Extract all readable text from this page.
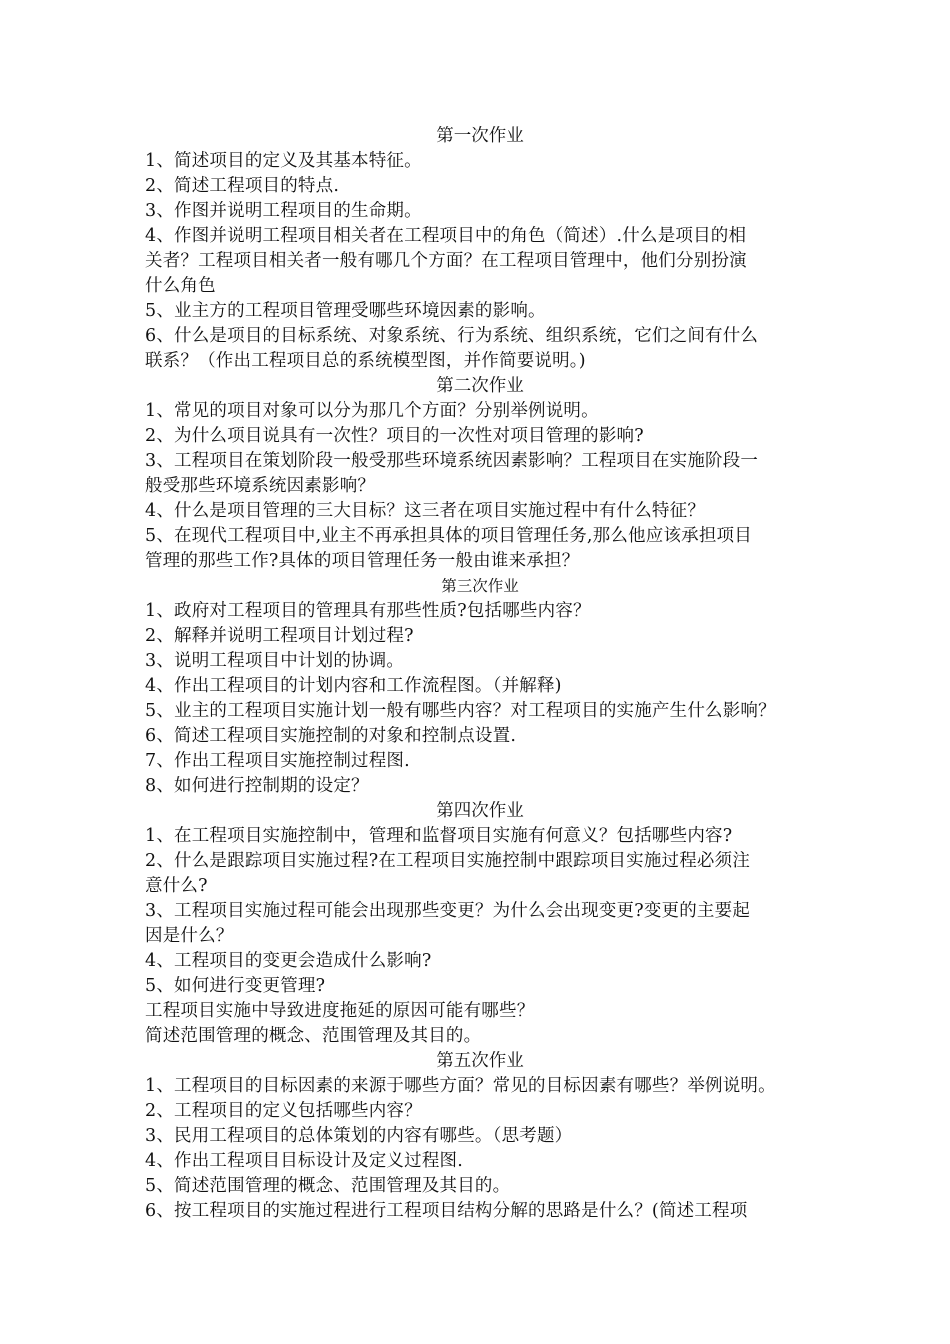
第一次作业
1、简述项目的定义及其基本特征。
2、简述工程项目的特点.
3、作图并说明工程项目的生命期。
4、作图并说明工程项目相关者在工程项目中的角色（简述）.什么是项目的相
关者？工程项目相关者一般有哪几个方面？在工程项目管理中，他们分别扮演
什么角色
5、业主方的工程项目管理受哪些环境因素的影响。
6、什么是项目的目标系统、对象系统、行为系统、组织系统，它们之间有什么
联系？（作出工程项目总的系统模型图，并作简要说明。)
第二次作业
1、常见的项目对象可以分为那几个方面？分别举例说明。
2、为什么项目说具有一次性？项目的一次性对项目管理的影响?
3、工程项目在策划阶段一般受那些环境系统因素影响？工程项目在实施阶段一
般受那些环境系统因素影响？
4、什么是项目管理的三大目标？这三者在项目实施过程中有什么特征？
5、在现代工程项目中,业主不再承担具体的项目管理任务,那么他应该承担项目
管理的那些工作?具体的项目管理任务一般由谁来承担？
第三次作业
1、政府对工程项目的管理具有那些性质?包括哪些内容？
2、解释并说明工程项目计划过程?
3、说明工程项目中计划的协调。
4、作出工程项目的计划内容和工作流程图。（并解释)
5、业主的工程项目实施计划一般有哪些内容？对工程项目的实施产生什么影响？
6、简述工程项目实施控制的对象和控制点设置.
7、作出工程项目实施控制过程图.
8、如何进行控制期的设定？
第四次作业
1、在工程项目实施控制中，管理和监督项目实施有何意义？包括哪些内容?
2、什么是跟踪项目实施过程?在工程项目实施控制中跟踪项目实施过程必须注
意什么?
3、工程项目实施过程可能会出现那些变更？为什么会出现变更?变更的主要起
因是什么？
4、工程项目的变更会造成什么影响?
5、如何进行变更管理?
工程项目实施中导致进度拖延的原因可能有哪些？
简述范围管理的概念、范围管理及其目的。
第五次作业
1、工程项目的目标因素的来源于哪些方面？常见的目标因素有哪些？举例说明。
2、工程项目的定义包括哪些内容？
3、民用工程项目的总体策划的内容有哪些。（思考题）
4、作出工程项目目标设计及定义过程图.
5、简述范围管理的概念、范围管理及其目的。
6、按工程项目的实施过程进行工程项目结构分解的思路是什么？(简述工程项
